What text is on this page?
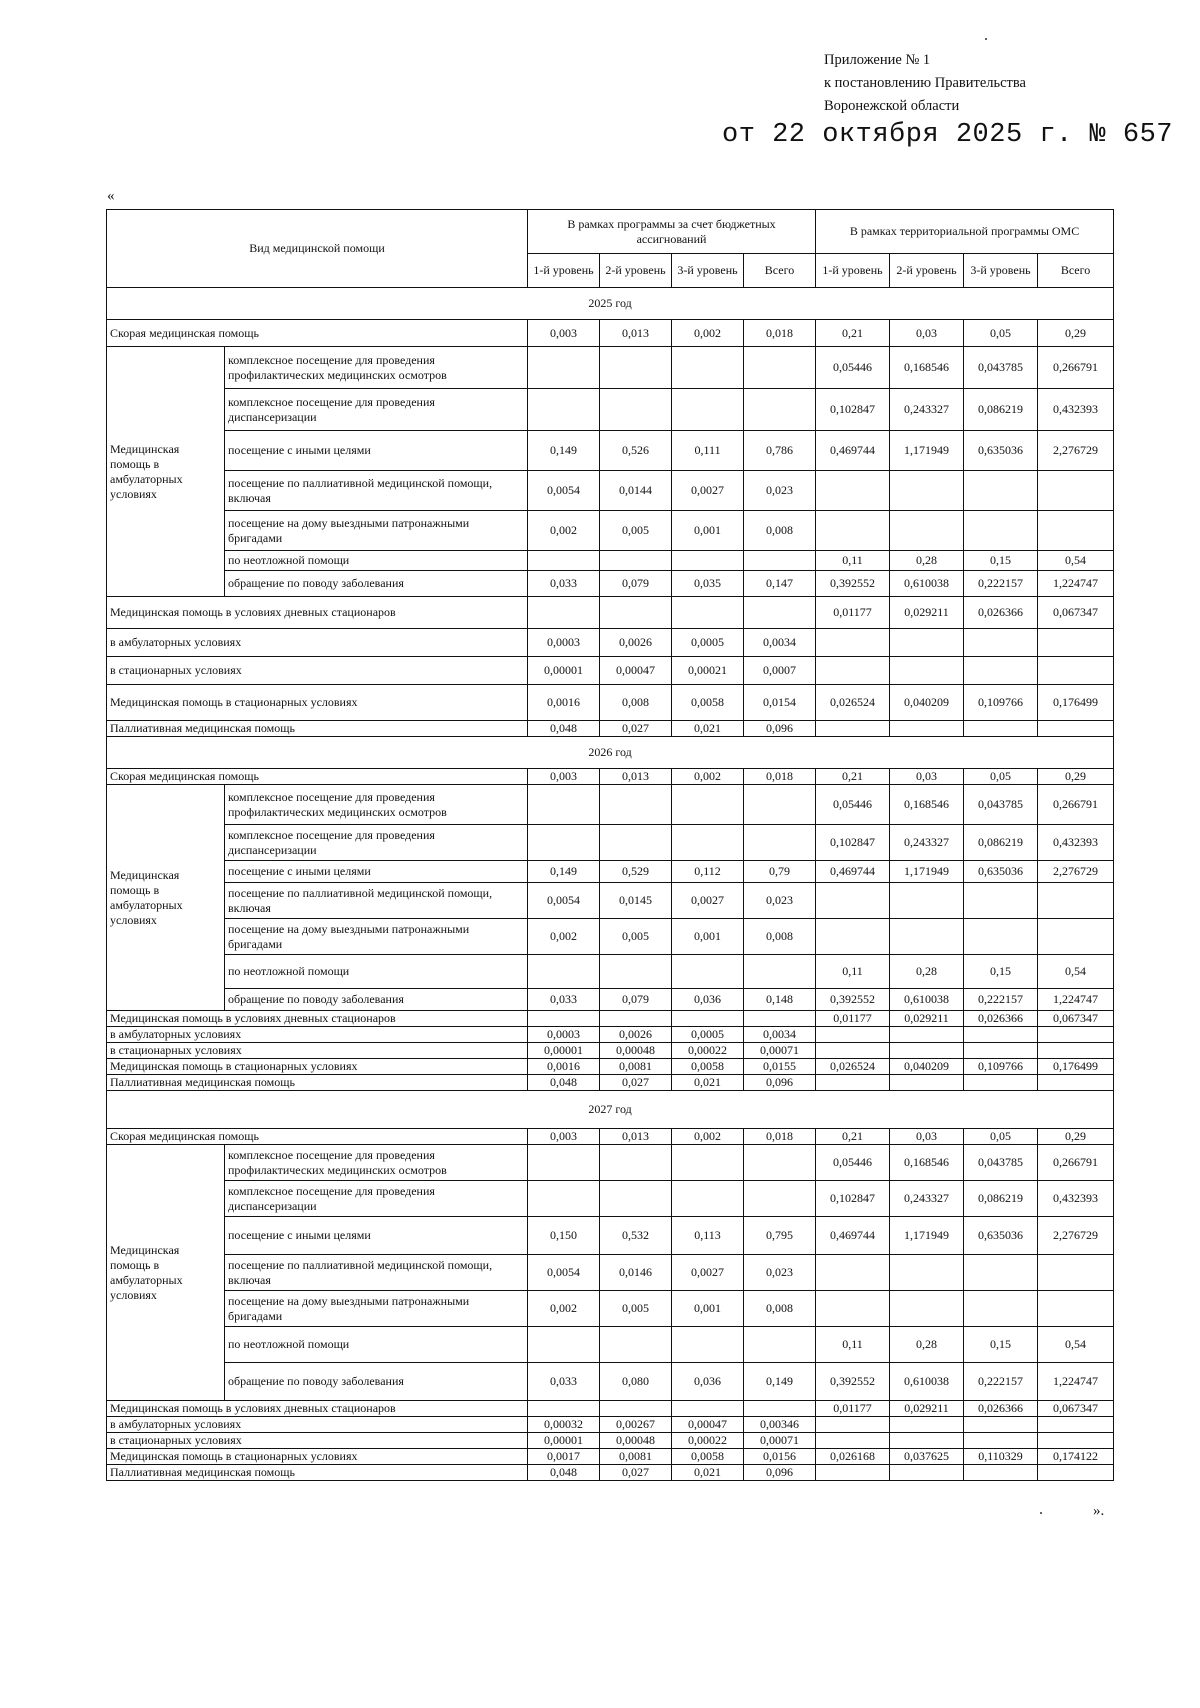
Приложение № 1
к постановлению Правительства
Воронежской области
от 22 октября 2025 г. № 657
«
Вид медицинской помощи		В рамках программы за счет бюджетных ассигнований				В рамках территориальной программы ОМС			
		1-й уровень	2-й уровень	3-й уровень	Всего	1-й уровень	2-й уровень	3-й уровень	Всего
2025 год									
Скорая медицинская помощь		0,003	0,013	0,002	0,018	0,21	0,03	0,05	0,29
Медицинская помощь в амбулаторных условиях	комплексное посещение для проведения профилактических медицинских осмотров					0,05446	0,168546	0,043785	0,266791
	комплексное посещение для проведения диспансеризации					0,102847	0,243327	0,086219	0,432393
	посещение с иными целями	0,149	0,526	0,111	0,786	0,469744	1,171949	0,635036	2,276729
	посещение по паллиативной медицинской помощи, включая	0,0054	0,0144	0,0027	0,023				
	посещение на дому выездными патронажными бригадами	0,002	0,005	0,001	0,008				
	по неотложной помощи					0,11	0,28	0,15	0,54
	обращение по поводу заболевания	0,033	0,079	0,035	0,147	0,392552	0,610038	0,222157	1,224747
Медицинская помощь в условиях дневных стационаров						0,01177	0,029211	0,026366	0,067347
в амбулаторных условиях		0,0003	0,0026	0,0005	0,0034				
в стационарных условиях		0,00001	0,00047	0,00021	0,0007				
Медицинская помощь в стационарных условиях		0,0016	0,008	0,0058	0,0154	0,026524	0,040209	0,109766	0,176499
Паллиативная медицинская помощь		0,048	0,027	0,021	0,096				
2026 год									
Скорая медицинская помощь		0,003	0,013	0,002	0,018	0,21	0,03	0,05	0,29
Медицинская помощь в амбулаторных условиях	комплексное посещение для проведения профилактических медицинских осмотров					0,05446	0,168546	0,043785	0,266791
	комплексное посещение для проведения диспансеризации					0,102847	0,243327	0,086219	0,432393
	посещение с иными целями	0,149	0,529	0,112	0,79	0,469744	1,171949	0,635036	2,276729
	посещение по паллиативной медицинской помощи, включая	0,0054	0,0145	0,0027	0,023				
	посещение на дому выездными патронажными бригадами	0,002	0,005	0,001	0,008				
	по неотложной помощи					0,11	0,28	0,15	0,54
	обращение по поводу заболевания	0,033	0,079	0,036	0,148	0,392552	0,610038	0,222157	1,224747
Медицинская помощь в условиях дневных стационаров						0,01177	0,029211	0,026366	0,067347
в амбулаторных условиях		0,0003	0,0026	0,0005	0,0034				
в стационарных условиях		0,00001	0,00048	0,00022	0,00071				
Медицинская помощь в стационарных условиях		0,0016	0,0081	0,0058	0,0155	0,026524	0,040209	0,109766	0,176499
Паллиативная медицинская помощь		0,048	0,027	0,021	0,096				
2027 год									
Скорая медицинская помощь		0,003	0,013	0,002	0,018	0,21	0,03	0,05	0,29
Медицинская помощь в амбулаторных условиях	комплексное посещение для проведения профилактических медицинских осмотров					0,05446	0,168546	0,043785	0,266791
	комплексное посещение для проведения диспансеризации					0,102847	0,243327	0,086219	0,432393
	посещение с иными целями	0,150	0,532	0,113	0,795	0,469744	1,171949	0,635036	2,276729
	посещение по паллиативной медицинской помощи, включая	0,0054	0,0146	0,0027	0,023				
	посещение на дому выездными патронажными бригадами	0,002	0,005	0,001	0,008				
	по неотложной помощи					0,11	0,28	0,15	0,54
	обращение по поводу заболевания	0,033	0,080	0,036	0,149	0,392552	0,610038	0,222157	1,224747
Медицинская помощь в условиях дневных стационаров						0,01177	0,029211	0,026366	0,067347
в амбулаторных условиях		0,00032	0,00267	0,00047	0,00346				
в стационарных условиях		0,00001	0,00048	0,00022	0,00071				
Медицинская помощь в стационарных условиях		0,0017	0,0081	0,0058	0,0156	0,026168	0,037625	0,110329	0,174122
Паллиативная медицинская помощь		0,048	0,027	0,021	0,096				
».
